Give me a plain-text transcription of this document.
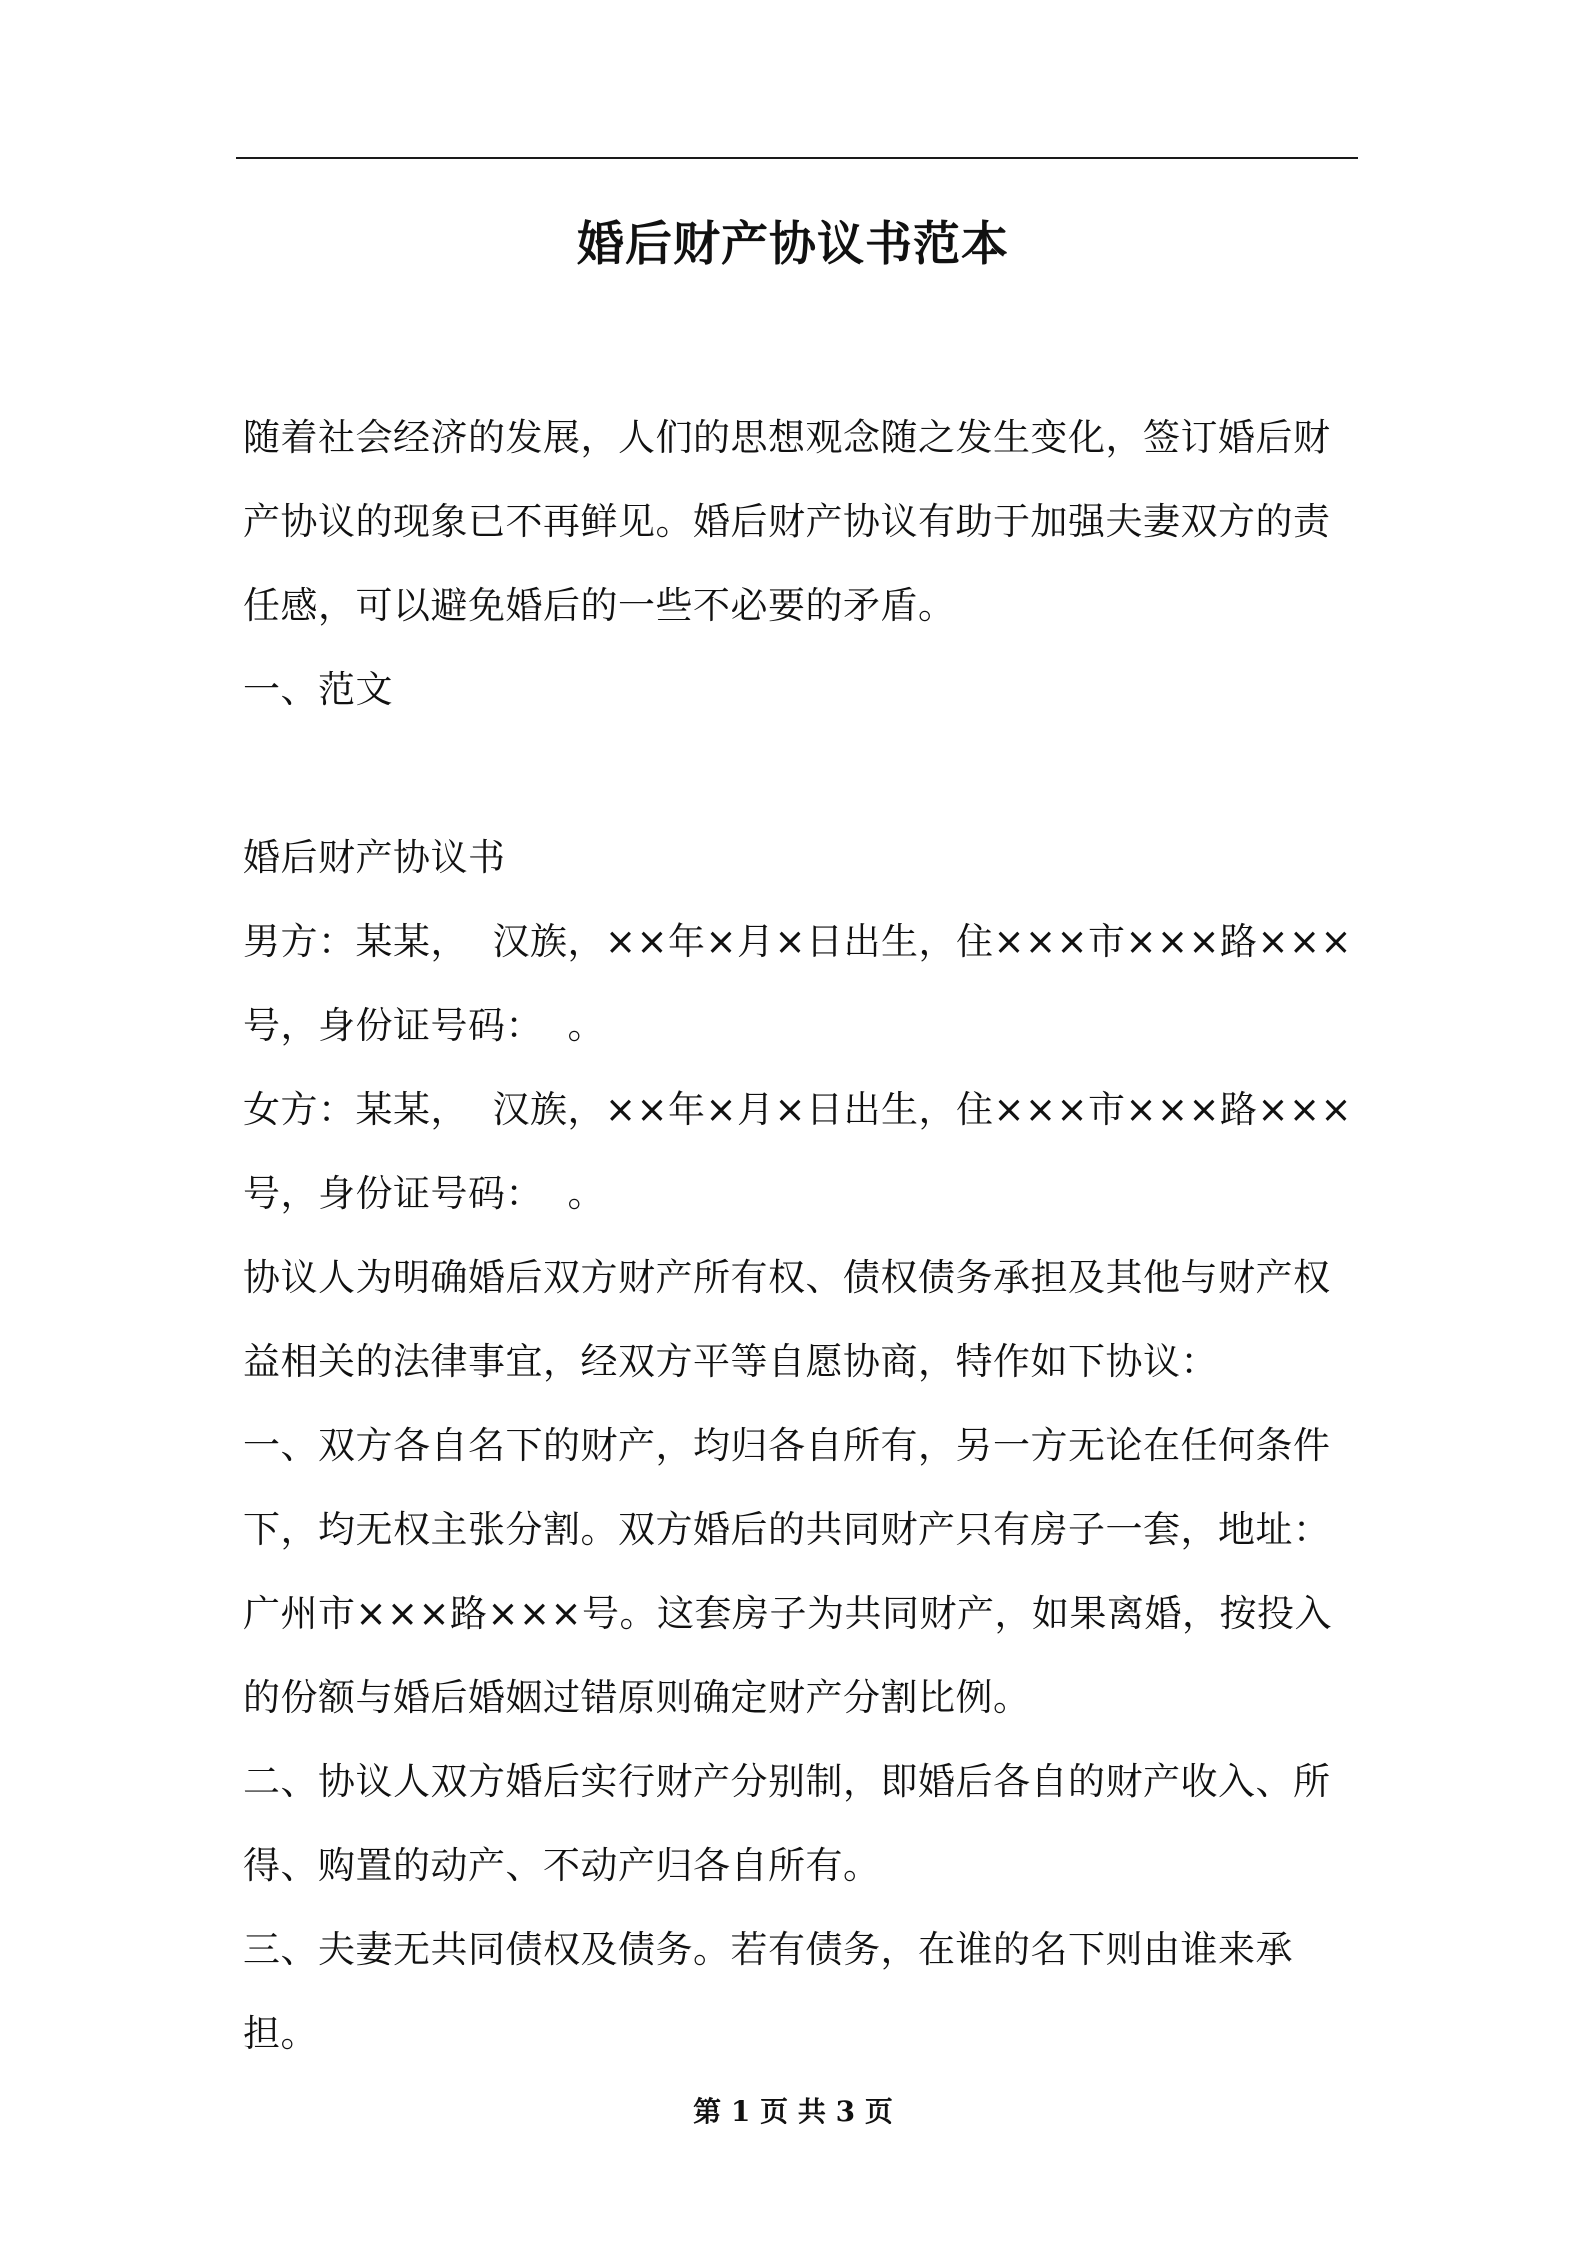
婚后财产协议书范本

随着社会经济的发展，人们的思想观念随之发生变化，签订婚后财产协议的现象已不再鲜见。婚后财产协议有助于加强夫妻双方的责任感，可以避免婚后的一些不必要的矛盾。

一、范文

婚后财产协议书

男方：某某，  汉族，××年×月×日出生，住×××市×××路×××号，身份证号码：  。

女方：某某，  汉族，××年×月×日出生，住×××市×××路×××号，身份证号码：  。

协议人为明确婚后双方财产所有权、债权债务承担及其他与财产权益相关的法律事宜，经双方平等自愿协商，特作如下协议：

一、双方各自名下的财产，均归各自所有，另一方无论在任何条件下，均无权主张分割。双方婚后的共同财产只有房子一套，地址：广州市×××路×××号。这套房子为共同财产，如果离婚，按投入的份额与婚后婚姻过错原则确定财产分割比例。

二、协议人双方婚后实行财产分别制，即婚后各自的财产收入、所得、购置的动产、不动产归各自所有。

三、夫妻无共同债权及债务。若有债务，在谁的名下则由谁来承担。

第 1 页 共 3 页
